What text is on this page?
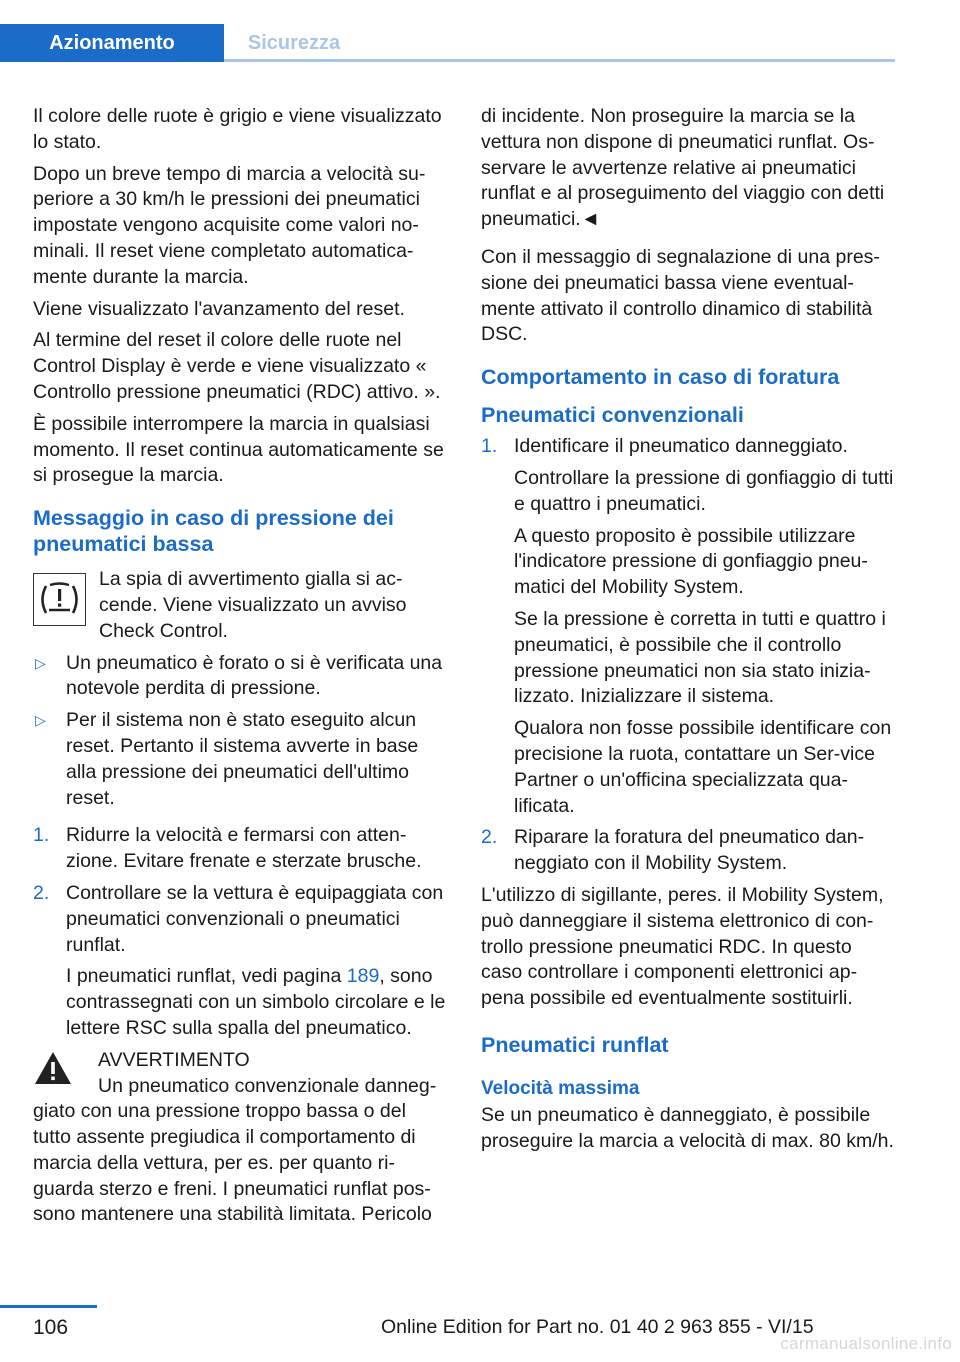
Azionamento	Sicurezza

Il colore delle ruote è grigio e viene visualizzato lo stato.

Dopo un breve tempo di marcia a velocità su-periore a 30 km/h le pressioni dei pneumatici impostate vengono acquisite come valori no-minali. Il reset viene completato automatica-mente durante la marcia.

Viene visualizzato l'avanzamento del reset.

Al termine del reset il colore delle ruote nel Control Display è verde e viene visualizzato « Controllo pressione pneumatici (RDC) attivo. ».

È possibile interrompere la marcia in qualsiasi momento. Il reset continua automaticamente se si prosegue la marcia.

Messaggio in caso di pressione dei pneumatici bassa
La spia di avvertimento gialla si ac-cende. Viene visualizzato un avviso Check Control.
▷ Un pneumatico è forato o si è verificata una notevole perdita di pressione.
▷ Per il sistema non è stato eseguito alcun reset. Pertanto il sistema avverte in base alla pressione dei pneumatici dell'ultimo reset.
1. Ridurre la velocità e fermarsi con atten-zione. Evitare frenate e sterzate brusche.

2. Controllare se la vettura è equipaggiata con pneumatici convenzionali o pneumatici runflat.

I pneumatici runflat, vedi pagina 189, sono contrassegnati con un simbolo circolare e le lettere RSC sulla spalla del pneumatico.

AVVERTIMENTO
Un pneumatico convenzionale danneg-
giato con una pressione troppo bassa o del tutto assente pregiudica il comportamento di marcia della vettura, per es. per quanto ri-guarda sterzo e freni. I pneumatici runflat pos-sono mantenere una stabilità limitata. Pericolo

di incidente. Non proseguire la marcia se la vettura non dispone di pneumatici runflat. Os-servare le avvertenze relative ai pneumatici runflat e al proseguimento del viaggio con detti pneumatici.◄

Con il messaggio di segnalazione di una pres-sione dei pneumatici bassa viene eventual-mente attivato il controllo dinamico di stabilità DSC.

Comportamento in caso di foratura
Pneumatici convenzionali
1. Identificare il pneumatico danneggiato.

Controllare la pressione di gonfiaggio di tutti e quattro i pneumatici.

A questo proposito è possibile utilizzare l'indicatore pressione di gonfiaggio pneu-matici del Mobility System.

Se la pressione è corretta in tutti e quattro i pneumatici, è possibile che il controllo pressione pneumatici non sia stato inizia-lizzato. Inizializzare il sistema.

Qualora non fosse possibile identificare con precisione la ruota, contattare un Ser-vice Partner o un'officina specializzata qua-lificata.

2. Riparare la foratura del pneumatico dan-neggiato con il Mobility System.

L'utilizzo di sigillante, peres. il Mobility System, può danneggiare il sistema elettronico di con-trollo pressione pneumatici RDC. In questo caso controllare i componenti elettronici ap-pena possibile ed eventualmente sostituirli.

Pneumatici runflat
Velocità massima

Se un pneumatico è danneggiato, è possibile proseguire la marcia a velocità di max. 80 km/h.

106	Online Edition for Part no. 01 40 2 963 855 - VI/15
carmanualsonline.info
